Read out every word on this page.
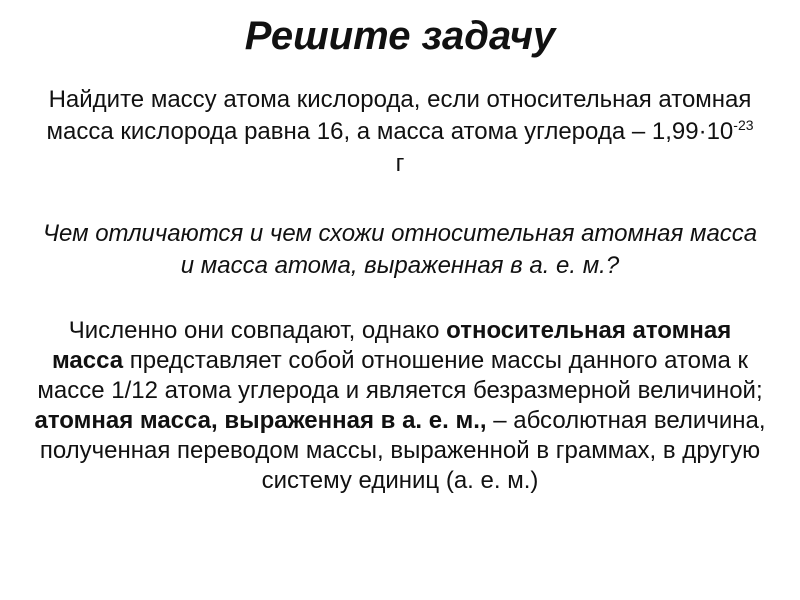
Решите задачу
Найдите массу атома кислорода, если относительная атомная масса кислорода равна 16, а масса атома углерода – $1,99\cdot 10^{-23}$ г
Чем отличаются и чем схожи относительная атомная масса и масса атома, выраженная в а. е. м.?
Численно они совпадают, однако относительная атомная масса представляет собой отношение массы данного атома к массе 1/12 атома углерода и является безразмерной величиной; атомная масса, выраженная в а. е. м., – абсолютная величина, полученная переводом массы, выраженной в граммах, в другую систему единиц (а. е. м.)
